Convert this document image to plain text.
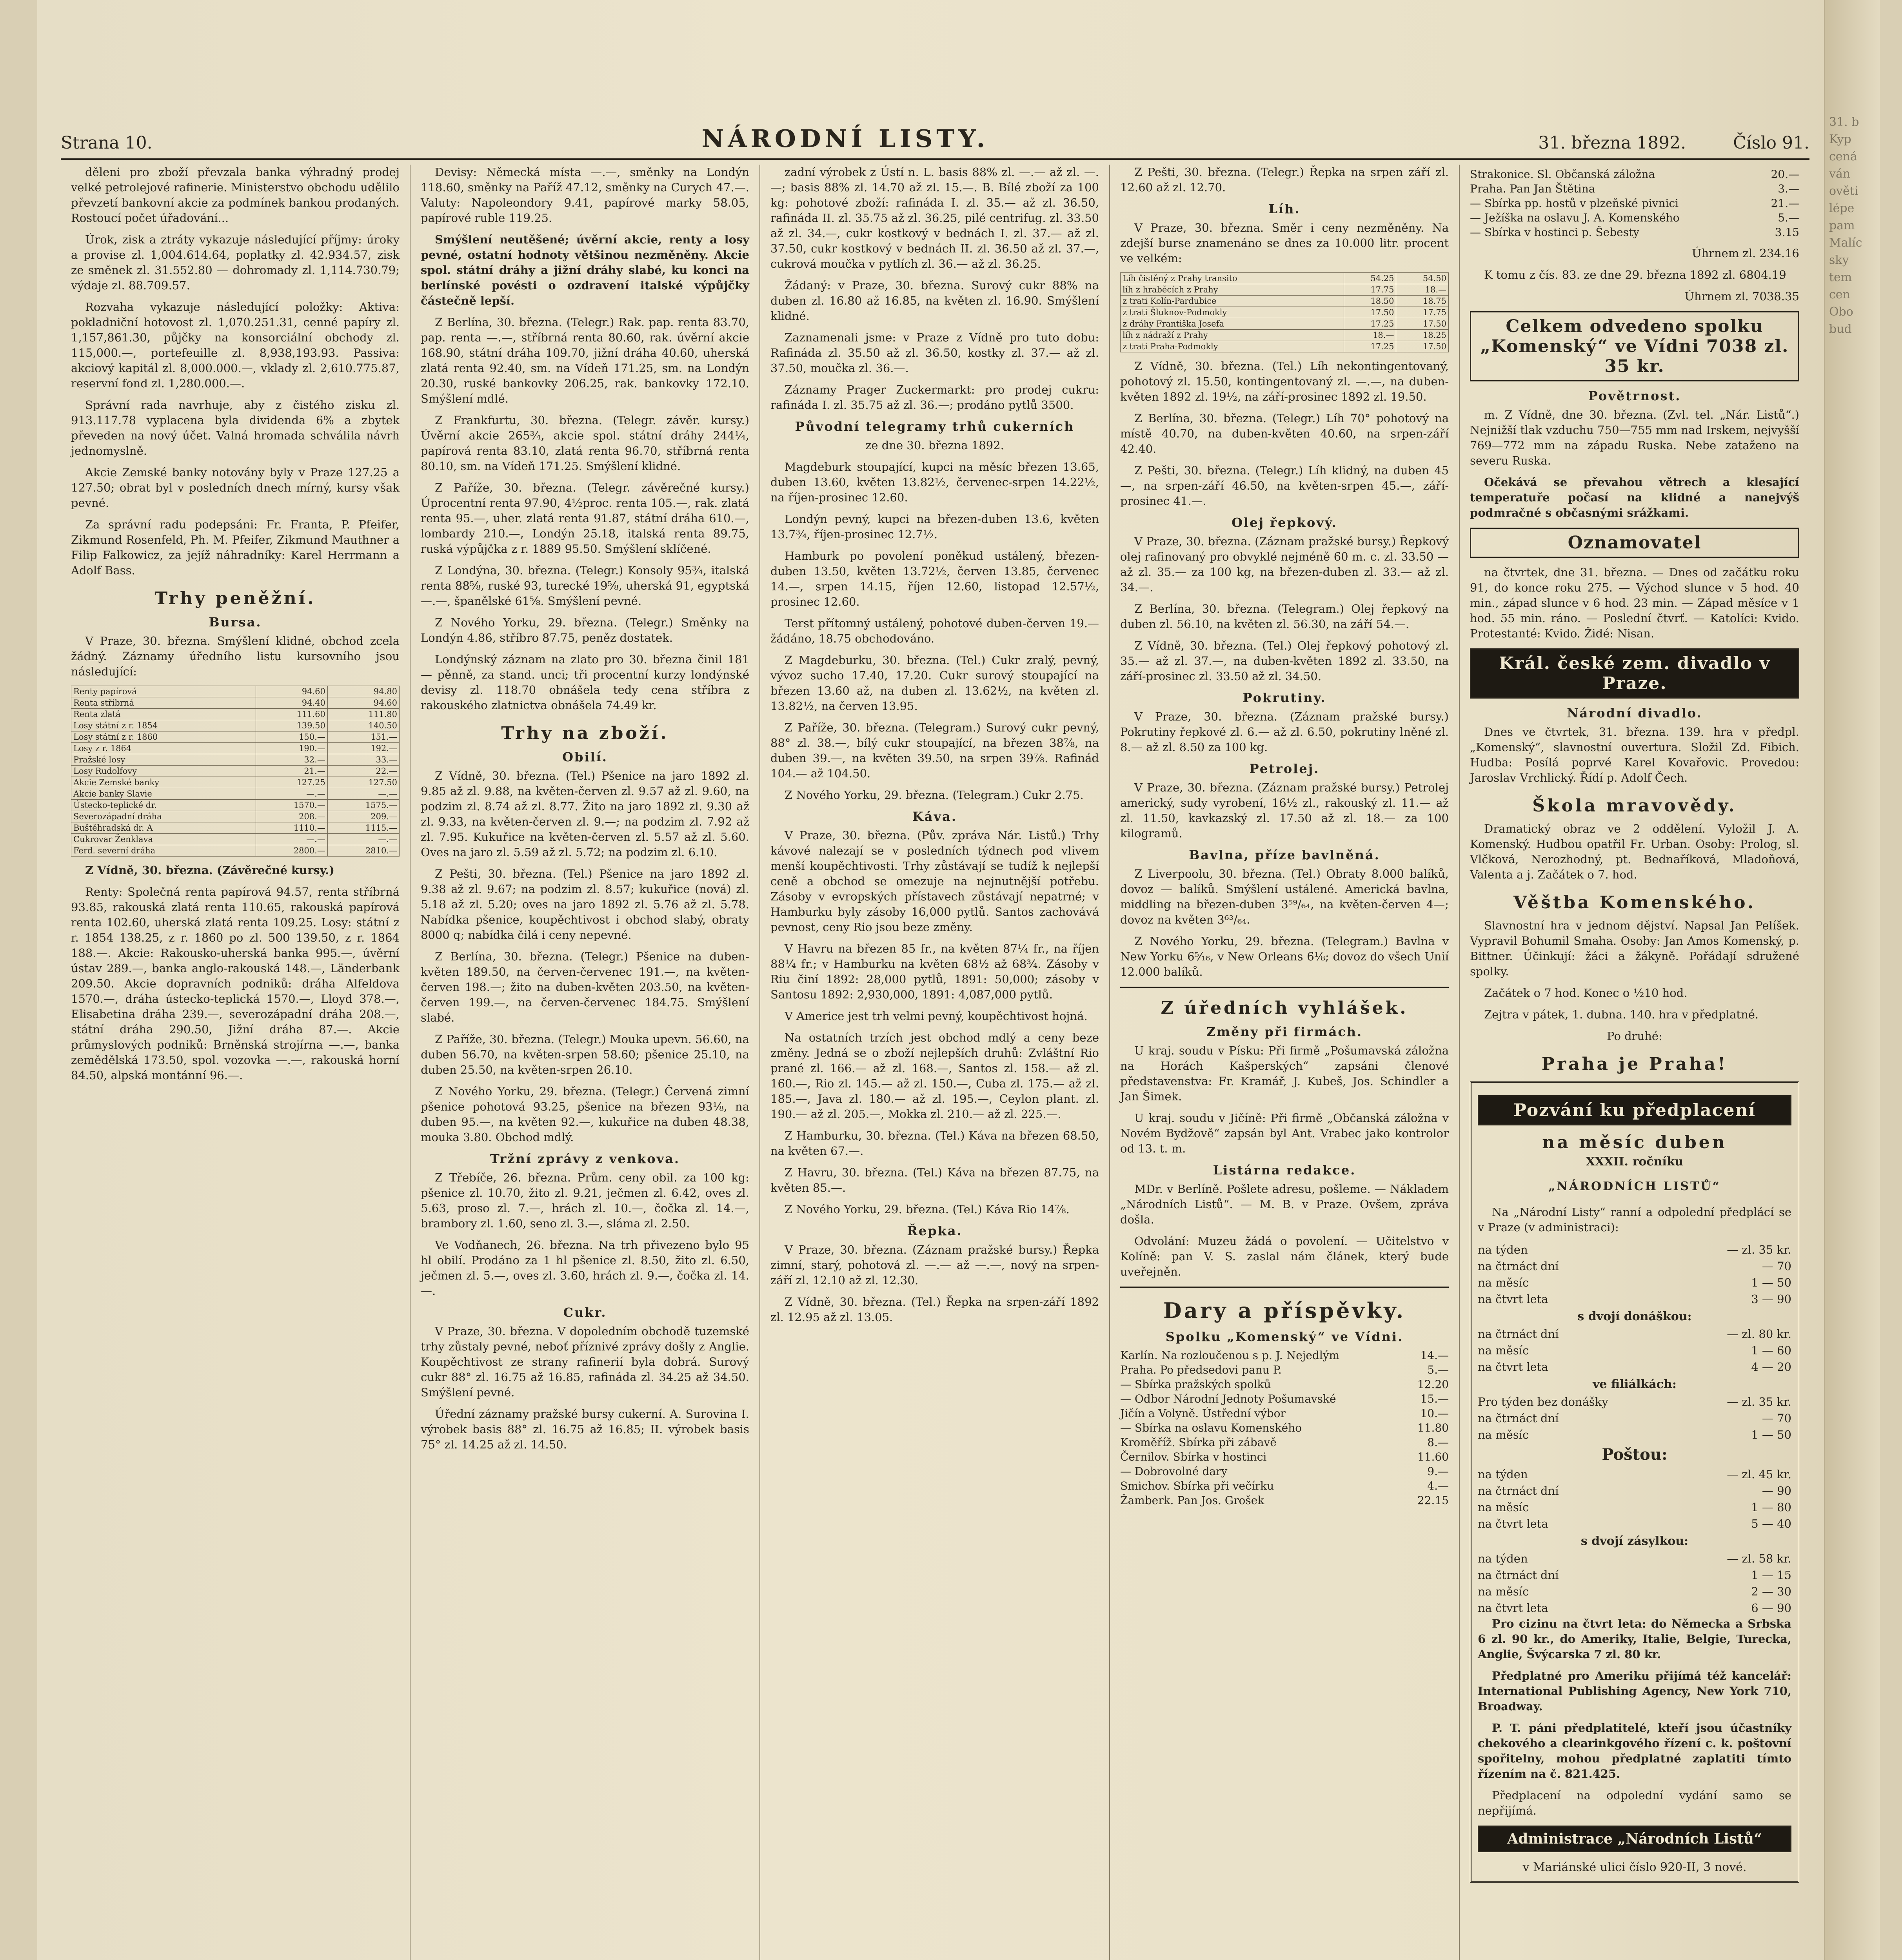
31. b
Kyp
cená
ván
ověti
lépe
pam
Malíc
sky
tem
cen
Obo
bud
Strana 10.	NÁRODNÍ LISTY.	31. března 1892.	Číslo 91.

děleni pro zboží převzala banka výhradný prodej velké petrolejové rafinerie. Ministerstvo obchodu udělilo převzetí bankovní akcie za podmínek bankou prodaných. Rostoucí počet úřadování...

Úrok, zisk a ztráty vykazuje následující příjmy: úroky a provise zl. 1,004.614.64, poplatky zl. 42.934.57, zisk ze směnek zl. 31.552.80 — dohromady zl. 1,114.730.79; výdaje zl. 88.709.57.

Rozvaha vykazuje následující položky: Aktiva: pokladniční hotovost zl. 1,070.251.31, cenné papíry zl. 1,157,861.30, půjčky na konsorciální obchody zl. 115,000.—, portefeuille zl. 8,938,193.93. Passiva: akciový kapitál zl. 8,000.000.—, vklady zl. 2,610.775.87, reservní fond zl. 1,280.000.—.

Správní rada navrhuje, aby z čistého zisku zl. 913.117.78 vyplacena byla dividenda 6% a zbytek převeden na nový účet. Valná hromada schválila návrh jednomyslně.

Akcie Zemské banky notovány byly v Praze 127.25 a 127.50; obrat byl v posledních dnech mírný, kursy však pevné.

Za správní radu podepsáni: Fr. Franta, P. Pfeifer, Zikmund Rosenfeld, Ph. M. Pfeifer, Zikmund Mauthner a Filip Falkowicz, za jejíž náhradníky: Karel Herrmann a Adolf Bass.

Trhy peněžní.
Bursa.

V Praze, 30. března. Smýšlení klidné, obchod zcela žádný. Záznamy úředního listu kursovního jsou následující:

Renty papírová	94.60	94.80
Renta stříbrná	94.40	94.60
Renta zlatá	111.60	111.80
Losy státní z r. 1854	139.50	140.50
Losy státní z r. 1860	150.—	151.—
Losy z r. 1864	190.—	192.—
Pražské losy	32.—	33.—
Losy Rudolfovy	21.—	22.—
Akcie Zemské banky	127.25	127.50
Akcie banky Slavie	—.—	—.—
Ústecko-teplické dr.	1570.—	1575.—
Severozápadní dráha	208.—	209.—
Buštěhradská dr. A	1110.—	1115.—
Cukrovar Ženklava	—.—	—.—
Ferd. severní dráha	2800.—	2810.—

Z Vídně, 30. března. (Závěrečné kursy.)

Renty: Společná renta papírová 94.57, renta stříbrná 93.85, rakouská zlatá renta 110.65, rakouská papírová renta 102.60, uherská zlatá renta 109.25. Losy: státní z r. 1854 138.25, z r. 1860 po zl. 500 139.50, z r. 1864 188.—. Akcie: Rakousko-uherská banka 995.—, úvěrní ústav 289.—, banka anglo-rakouská 148.—, Länderbank 209.50. Akcie dopravních podniků: dráha Alfeldova 1570.—, dráha ústecko-teplická 1570.—, Lloyd 378.—, Elisabetina dráha 239.—, severozápadní dráha 208.—, státní dráha 290.50, Jižní dráha 87.—. Akcie průmyslových podniků: Brněnská strojírna —.—, banka zemědělská 173.50, spol. vozovka —.—, rakouská horní 84.50, alpská montánní 96.—.

Devisy: Německá místa —.—, směnky na Londýn 118.60, směnky na Paříž 47.12, směnky na Curych 47.—. Valuty: Napoleondory 9.41, papírové marky 58.05, papírové ruble 119.25.

Smýšlení neutěšené; úvěrní akcie, renty a losy pevné, ostatní hodnoty většinou nezměněny. Akcie spol. státní dráhy a jižní dráhy slabé, ku konci na berlínské povésti o ozdravení italské výpůjčky částečně lepší.

Z Berlína, 30. března. (Telegr.) Rak. pap. renta 83.70, pap. renta —.—, stříbrná renta 80.60, rak. úvěrní akcie 168.90, státní dráha 109.70, jižní dráha 40.60, uherská zlatá renta 92.40, sm. na Vídeň 171.25, sm. na Londýn 20.30, ruské bankovky 206.25, rak. bankovky 172.10. Smýšlení mdlé.

Z Frankfurtu, 30. března. (Telegr. závěr. kursy.) Úvěrní akcie 265¾, akcie spol. státní dráhy 244¼, papírová renta 83.10, zlatá renta 96.70, stříbrná renta 80.10, sm. na Vídeň 171.25. Smýšlení klidné.

Z Paříže, 30. března. (Telegr. závěrečné kursy.) Úprocentní renta 97.90, 4½proc. renta 105.—, rak. zlatá renta 95.—, uher. zlatá renta 91.87, státní dráha 610.—, lombardy 210.—, Londýn 25.18, italská renta 89.75, ruská výpůjčka z r. 1889 95.50. Smýšlení sklíčené.

Z Londýna, 30. března. (Telegr.) Konsoly 95¾, italská renta 88⅝, ruské 93, turecké 19⅝, uherská 91, egyptská —.—, španělské 61⅝. Smýšlení pevné.

Z Nového Yorku, 29. března. (Telegr.) Směnky na Londýn 4.86, stříbro 87.75, peněz dostatek.

Londýnský záznam na zlato pro 30. března činil 181 — pěnně, za stand. unci; tři procentní kurzy londýnské devisy zl. 118.70 obnášela tedy cena stříbra z rakouského zlatnictva obnášela 74.49 kr.

Trhy na zboží.
Obilí.

Z Vídně, 30. března. (Tel.) Pšenice na jaro 1892 zl. 9.85 až zl. 9.88, na květen-červen zl. 9.57 až zl. 9.60, na podzim zl. 8.74 až zl. 8.77. Žito na jaro 1892 zl. 9.30 až zl. 9.33, na květen-červen zl. 9.—; na podzim zl. 7.92 až zl. 7.95. Kukuřice na květen-červen zl. 5.57 až zl. 5.60. Oves na jaro zl. 5.59 až zl. 5.72; na podzim zl. 6.10.

Z Pešti, 30. března. (Tel.) Pšenice na jaro 1892 zl. 9.38 až zl. 9.67; na podzim zl. 8.57; kukuřice (nová) zl. 5.18 až zl. 5.20; oves na jaro 1892 zl. 5.76 až zl. 5.78. Nabídka pšenice, koupěchtivost i obchod slabý, obraty 8000 q; nabídka čilá i ceny nepevné.

Z Berlína, 30. března. (Telegr.) Pšenice na duben-květen 189.50, na červen-červenec 191.—, na květen-červen 198.—; žito na duben-květen 203.50, na květen-červen 199.—, na červen-červenec 184.75. Smýšlení slabé.

Z Paříže, 30. března. (Telegr.) Mouka upevn. 56.60, na duben 56.70, na květen-srpen 58.60; pšenice 25.10, na duben 25.50, na květen-srpen 26.10.

Z Nového Yorku, 29. března. (Telegr.) Červená zimní pšenice pohotová 93.25, pšenice na březen 93⅛, na duben 95.—, na květen 92.—, kukuřice na duben 48.38, mouka 3.80. Obchod mdlý.

Tržní zprávy z venkova.

Z Třebíče, 26. března. Prům. ceny obil. za 100 kg: pšenice zl. 10.70, žito zl. 9.21, ječmen zl. 6.42, oves zl. 5.63, proso zl. 7.—, hrách zl. 10.—, čočka zl. 14.—, brambory zl. 1.60, seno zl. 3.—, sláma zl. 2.50.

Ve Vodňanech, 26. března. Na trh přivezeno bylo 95 hl obilí. Prodáno za 1 hl pšenice zl. 8.50, žito zl. 6.50, ječmen zl. 5.—, oves zl. 3.60, hrách zl. 9.—, čočka zl. 14.—.

Cukr.

V Praze, 30. března. V dopoledním obchodě tuzemské trhy zůstaly pevné, neboť příznivé zprávy došly z Anglie. Koupěchtivost ze strany rafinerií byla dobrá. Surový cukr 88° zl. 16.75 až 16.85, rafináda zl. 34.25 až 34.50. Smýšlení pevné.

Úřední záznamy pražské bursy cukerní. A. Surovina I. výrobek basis 88° zl. 16.75 až 16.85; II. výrobek basis 75° zl. 14.25 až zl. 14.50.

zadní výrobek z Ústí n. L. basis 88% zl. —.— až zl. —.—; basis 88% zl. 14.70 až zl. 15.—. B. Bílé zboží za 100 kg: pohotové zboží: rafináda I. zl. 35.— až zl. 36.50, rafináda II. zl. 35.75 až zl. 36.25, pilé centrifug. zl. 33.50 až zl. 34.—, cukr kostkový v bednách I. zl. 37.— až zl. 37.50, cukr kostkový v bednách II. zl. 36.50 až zl. 37.—, cukrová moučka v pytlích zl. 36.— až zl. 36.25.

Žádaný: v Praze, 30. března. Surový cukr 88% na duben zl. 16.80 až 16.85, na květen zl. 16.90. Smýšlení klidné.

Zaznamenali jsme: v Praze z Vídně pro tuto dobu: Rafináda zl. 35.50 až zl. 36.50, kostky zl. 37.— až zl. 37.50, moučka zl. 36.—.

Záznamy Prager Zuckermarkt: pro prodej cukru: rafináda I. zl. 35.75 až zl. 36.—; prodáno pytlů 3500.

Původní telegramy trhů cukerních

ze dne 30. března 1892.

Magdeburk stoupající, kupci na měsíc březen 13.65, duben 13.60, květen 13.82½, červenec-srpen 14.22½, na říjen-prosinec 12.60.

Londýn pevný, kupci na březen-duben 13.6, květen 13.7¾, říjen-prosinec 12.7½.

Hamburk po povolení poněkud ustálený, březen-duben 13.50, květen 13.72½, červen 13.85, červenec 14.—, srpen 14.15, říjen 12.60, listopad 12.57½, prosinec 12.60.

Terst přítomný ustálený, pohotové duben-červen 19.— žádáno, 18.75 obchodováno.

Z Magdeburku, 30. března. (Tel.) Cukr zralý, pevný, vývoz sucho 17.40, 17.20. Cukr surový stoupající na březen 13.60 až, na duben zl. 13.62½, na květen zl. 13.82½, na červen 13.95.

Z Paříže, 30. března. (Telegram.) Surový cukr pevný, 88° zl. 38.—, bílý cukr stoupající, na březen 38⅞, na duben 39.—, na květen 39.50, na srpen 39⅞. Rafinád 104.— až 104.50.

Z Nového Yorku, 29. března. (Telegram.) Cukr 2.75.

Káva.

V Praze, 30. března. (Pův. zpráva Nár. Listů.) Trhy kávové nalezají se v posledních týdnech pod vlivem menší koupěchtivosti. Trhy zůstávají se tudíž k nejlepší ceně a obchod se omezuje na nejnutnější potřebu. Zásoby v evropských přístavech zůstávají nepatrné; v Hamburku byly zásoby 16,000 pytlů. Santos zachovává pevnost, ceny Rio jsou beze změny.

V Havru na březen 85 fr., na květen 87¼ fr., na říjen 88¼ fr.; v Hamburku na květen 68½ až 68¾. Zásoby v Riu činí 1892: 28,000 pytlů, 1891: 50,000; zásoby v Santosu 1892: 2,930,000, 1891: 4,087,000 pytlů.

V Americe jest trh velmi pevný, koupěchtivost hojná.

Na ostatních trzích jest obchod mdlý a ceny beze změny. Jedná se o zboží nejlepších druhů: Zvláštní Rio prané zl. 166.— až zl. 168.—, Santos zl. 158.— až zl. 160.—, Rio zl. 145.— až zl. 150.—, Cuba zl. 175.— až zl. 185.—, Java zl. 180.— až zl. 195.—, Ceylon plant. zl. 190.— až zl. 205.—, Mokka zl. 210.— až zl. 225.—.

Z Hamburku, 30. března. (Tel.) Káva na březen 68.50, na květen 67.—.

Z Havru, 30. března. (Tel.) Káva na březen 87.75, na květen 85.—.

Z Nového Yorku, 29. března. (Tel.) Káva Rio 14⅞.

Řepka.

V Praze, 30. března. (Záznam pražské bursy.) Řepka zimní, starý, pohotová zl. —.— až —.—, nový na srpen-září zl. 12.10 až zl. 12.30.

Z Vídně, 30. března. (Tel.) Řepka na srpen-září 1892 zl. 12.95 až zl. 13.05.

Z Pešti, 30. března. (Telegr.) Řepka na srpen září zl. 12.60 až zl. 12.70.

Líh.

V Praze, 30. března. Směr i ceny nezměněny. Na zdejší burse znamenáno se dnes za 10.000 litr. procent ve velkém:

Líh čistěný z Prahy transito	54.25	54.50
líh z hraběcích z Prahy	17.75	18.—
z trati Kolín-Pardubice	18.50	18.75
z trati Šluknov-Podmokly	17.50	17.75
z dráhy Františka Josefa	17.25	17.50
líh z nádraží z Prahy	18.—	18.25
z trati Praha-Podmokly	17.25	17.50

Z Vídně, 30. března. (Tel.) Líh nekontingentovaný, pohotový zl. 15.50, kontingentovaný zl. —.—, na duben-květen 1892 zl. 19½, na září-prosinec 1892 zl. 19.50.

Z Berlína, 30. března. (Telegr.) Líh 70° pohotový na místě 40.70, na duben-květen 40.60, na srpen-září 42.40.

Z Pešti, 30. března. (Telegr.) Líh klidný, na duben 45—, na srpen-září 46.50, na květen-srpen 45.—, září-prosinec 41.—.

Olej řepkový.

V Praze, 30. března. (Záznam pražské bursy.) Řepkový olej rafinovaný pro obvyklé nejméně 60 m. c. zl. 33.50 — až zl. 35.— za 100 kg, na březen-duben zl. 33.— až zl. 34.—.

Z Berlína, 30. března. (Telegram.) Olej řepkový na duben zl. 56.10, na květen zl. 56.30, na září 54.—.

Z Vídně, 30. března. (Tel.) Olej řepkový pohotový zl. 35.— až zl. 37.—, na duben-květen 1892 zl. 33.50, na září-prosinec zl. 33.50 až zl. 34.50.

Pokrutiny.

V Praze, 30. března. (Záznam pražské bursy.) Pokrutiny řepkové zl. 6.— až zl. 6.50, pokrutiny lněné zl. 8.— až zl. 8.50 za 100 kg.

Petrolej.

V Praze, 30. března. (Záznam pražské bursy.) Petrolej americký, sudy vyrobení, 16½ zl., rakouský zl. 11.— až zl. 11.50, kavkazský zl. 17.50 až zl. 18.— za 100 kilogramů.

Bavlna, příze bavlněná.

Z Liverpoolu, 30. března. (Tel.) Obraty 8.000 balíků, dovoz — balíků. Smýšlení ustálené. Americká bavlna, middling na březen-duben 3⁵⁹/₆₄, na květen-červen 4—; dovoz na květen 3⁶³/₆₄.

Z Nového Yorku, 29. března. (Telegram.) Bavlna v New Yorku 6⁵⁄₁₆, v New Orleans 6⅛; dovoz do všech Unií 12.000 balíků.

Z úředních vyhlášek.
Změny při firmách.

U kraj. soudu v Písku: Při firmě „Pošumavská záložna na Horách Kašperských“ zapsáni členové představenstva: Fr. Kramář, J. Kubeš, Jos. Schindler a Jan Šimek.

U kraj. soudu v Jičíně: Při firmě „Občanská záložna v Novém Bydžově“ zapsán byl Ant. Vrabec jako kontrolor od 13. t. m.

Listárna redakce.

MDr. v Berlíně. Pošlete adresu, pošleme. — Nákladem „Národních Listů“. — M. B. v Praze. Ovšem, zpráva došla.

Odvolání: Muzeu žádá o povolení. — Učitelstvo v Kolíně: pan V. S. zaslal nám článek, který bude uveřejněn.

Dary a příspěvky.
Spolku „Komenský“ ve Vídni.
Karlín. Na rozloučenou s p. J. Nejedlým	14.—
Praha. Po předsedovi panu P.	5.—
— Sbírka pražských spolků	12.20
— Odbor Národní Jednoty Pošumavské	15.—
Jičín a Volyně. Ústřední výbor	10.—
— Sbírka na oslavu Komenského	11.80
Kroměříž. Sbírka při zábavě	8.—
Černilov. Sbírka v hostinci	11.60
— Dobrovolné dary	9.—
Smichov. Sbírka při večírku	4.—
Žamberk. Pan Jos. Grošek	22.15
Strakonice. Sl. Občanská záložna	20.—
Praha. Pan Jan Štětina	3.—
— Sbírka pp. hostů v plzeňské pivnici	21.—
— Ježíška na oslavu J. A. Komenského	5.—
— Sbírka v hostinci p. Šebesty	3.15

Úhrnem zl. 234.16

K tomu z čís. 83. ze dne 29. března 1892 zl. 6804.19

Úhrnem zl. 7038.35

Celkem odvedeno spolku „Komenský“ ve Vídni 7038 zl. 35 kr.
Povětrnost.

m. Z Vídně, dne 30. března. (Zvl. tel. „Nár. Listů“.) Nejnižší tlak vzduchu 750—755 mm nad Irskem, nejvyšší 769—772 mm na západu Ruska. Nebe zataženo na severu Ruska.

Očekává se převahou větrech a klesající temperatuře počasí na klidné a nanejvýš podmračné s občasnými srážkami.

Oznamovatel

na čtvrtek, dne 31. března. — Dnes od začátku roku 91, do konce roku 275. — Východ slunce v 5 hod. 40 min., západ slunce v 6 hod. 23 min. — Západ měsíce v 1 hod. 55 min. ráno. — Poslední čtvrť. — Katolíci: Kvido. Protestanté: Kvido. Židé: Nisan.

Král. české zem. divadlo v Praze.
Národní divadlo.

Dnes ve čtvrtek, 31. března. 139. hra v předpl. „Komenský“, slavnostní ouvertura. Složil Zd. Fibich. Hudba: Posílá poprvé Karel Kovařovic. Provedou: Jaroslav Vrchlický. Řídí p. Adolf Čech.

Škola mravovědy.

Dramatický obraz ve 2 oddělení. Vyložil J. A. Komenský. Hudbou opatřil Fr. Urban. Osoby: Prolog, sl. Vlčková, Nerozhodný, pt. Bednaříková, Mladoňová, Valenta a j. Začátek o 7. hod.

Věštba Komenského.

Slavnostní hra v jednom dějství. Napsal Jan Pelíšek. Vypravil Bohumil Smaha. Osoby: Jan Amos Komenský, p. Bittner. Účinkují: žáci a žákyně. Pořádají sdružené spolky.

Začátek o 7 hod. Konec o ½10 hod.

Zejtra v pátek, 1. dubna. 140. hra v předplatné.

Po druhé:

Praha je Praha!
Pozvání ku předplacení
na měsíc duben
XXXII. ročníku
„NÁRODNÍCH LISTŮ“

Na „Národní Listy“ ranní a odpolední předplácí se v Praze (v administraci):

na týden	— zl. 35 kr.
na čtrnáct dní	— 70
na měsíc	1 — 50
na čtvrt leta	3 — 90
s dvojí donáškou:
na čtrnáct dní	— zl. 80 kr.
na měsíc	1 — 60
na čtvrt leta	4 — 20
ve filiálkách:
Pro týden bez donášky	— zl. 35 kr.
na čtrnáct dní	— 70
na měsíc	1 — 50
Poštou:
na týden	— zl. 45 kr.
na čtrnáct dní	— 90
na měsíc	1 — 80
na čtvrt leta	5 — 40
s dvojí zásylkou:
na týden	— zl. 58 kr.
na čtrnáct dní	1 — 15
na měsíc	2 — 30
na čtvrt leta	6 — 90

Pro cizinu na čtvrt leta: do Německa a Srbska 6 zl. 90 kr., do Ameriky, Italie, Belgie, Turecka, Anglie, Švýcarska 7 zl. 80 kr.

Předplatné pro Ameriku přijímá též kancelář: International Publishing Agency, New York 710, Broadway.

P. T. páni předplatitelé, kteří jsou účastníky chekového a clearinkgového řízení c. k. poštovní spořitelny, mohou předplatné zaplatiti tímto řízením na č. 821.425.

Předplacení na odpolední vydání samo se nepřijímá.

Administrace „Národních Listů“
v Mariánské ulici číslo 920-II, 3 nové.
